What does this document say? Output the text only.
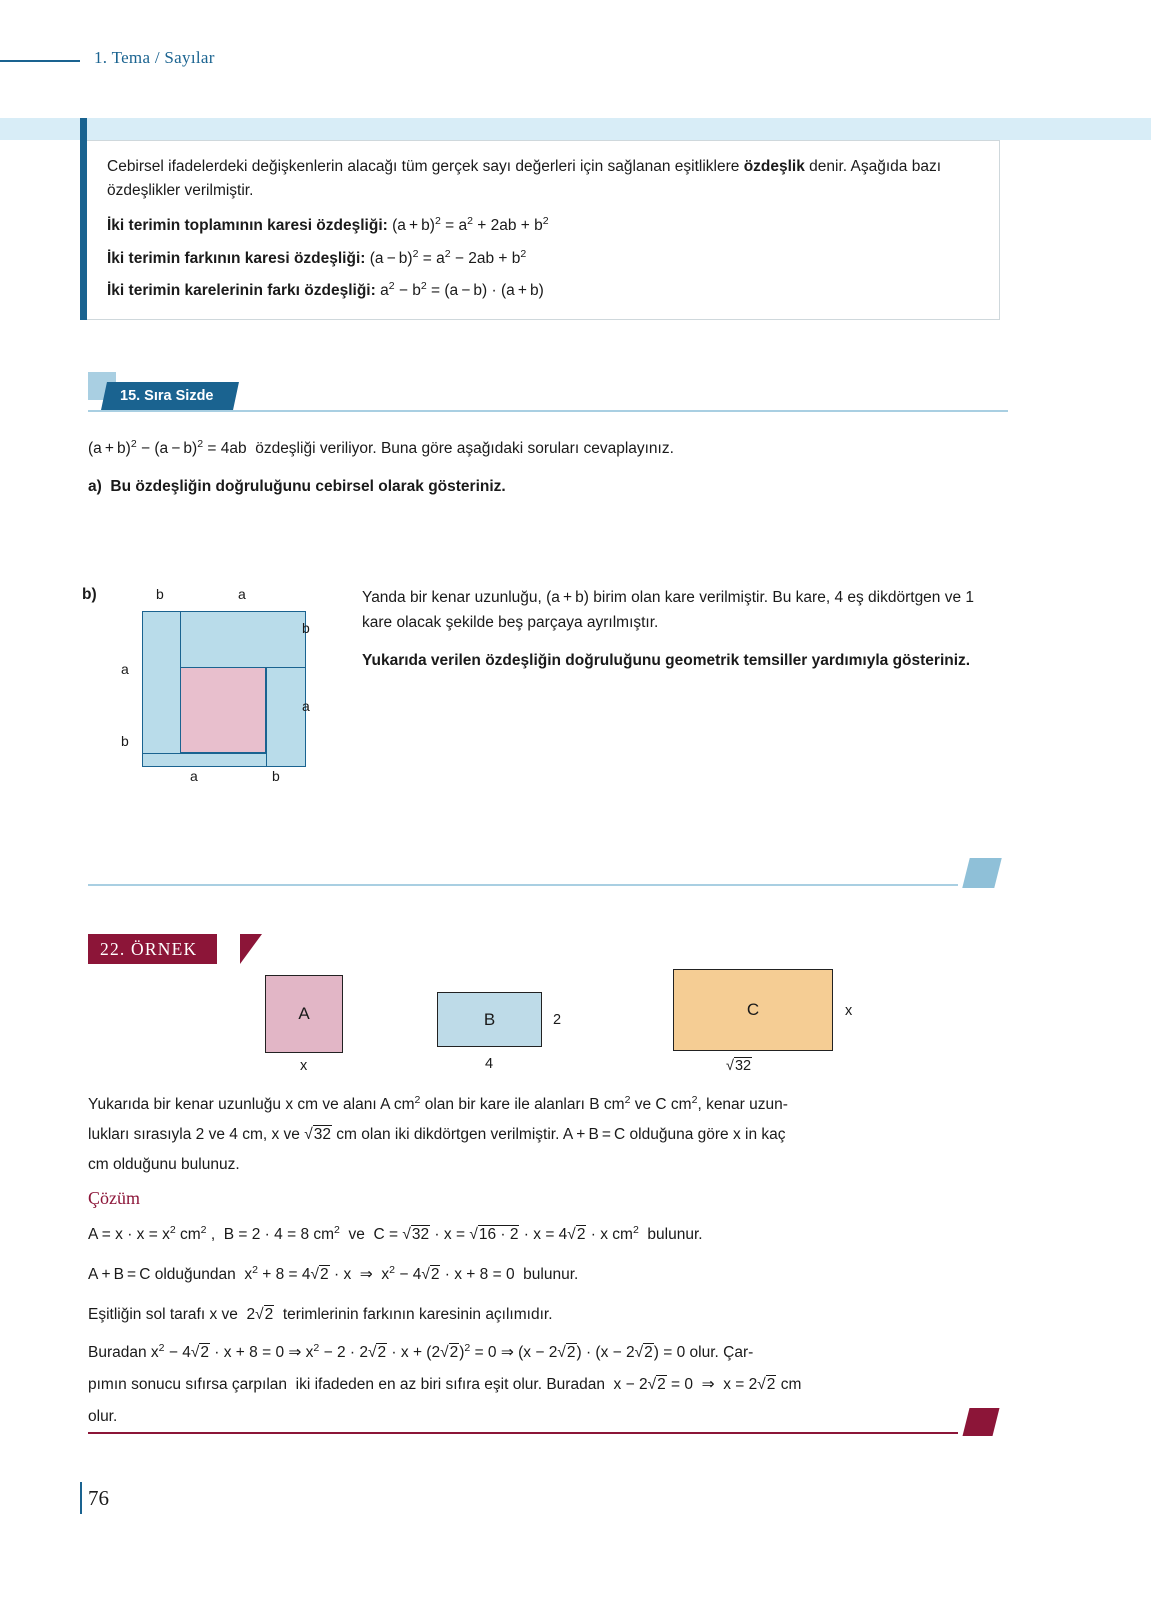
1. Tema / Sayılar

Cebirsel ifadelerdeki değişkenlerin alacağı tüm gerçek sayı değerleri için sağlanan eşitliklere özdeşlik denir. Aşağıda bazı özdeşlikler verilmiştir.

İki terimin toplamının karesi özdeşliği: $(a + b)^2 = a^2 + 2ab + b^2$
İki terimin farkının karesi özdeşliği: $(a - b)^2 = a^2 - 2ab + b^2$
İki terimin karelerinin farkı özdeşliği: $a^2 - b^2 = (a - b) \cdot (a + b)$
15. Sıra Sizde
$(a + b)^2 - (a - b)^2 = 4ab$  özdeşliği veriliyor. Buna göre aşağıdaki soruları cevaplayınız.
a) Bu özdeşliğin doğruluğunu cebirsel olarak gösteriniz.
b)	b	a
a
b
b
a
a	b
Yanda bir kenar uzunluğu, (a + b) birim olan kare verilmiştir. Bu kare, 4 eş dikdörtgen ve 1 kare olacak şekilde beş parçaya ayrılmıştır.
Yukarıda verilen özdeşliğin doğruluğunu geometrik temsiller yardımıyla gösteriniz.
22. ÖRNEK
A
x
B	2
4
C	x
√32
Yukarıda bir kenar uzunluğu x cm ve alanı A $cm^2$ olan bir kare ile alanları B $cm^2$ ve C $cm^2$, kenar uzun-
lukları sırasıyla 2 ve 4 cm, x ve √32 cm olan iki dikdörtgen verilmiştir. A + B = C olduğuna göre x in kaç
cm olduğunu bulunuz.
Çözüm
$A = x \cdot x = x^2$ $cm^2$ ,  B = 2 · 4 = 8 $cm^2$  ve  C = √32 · x = √16 · 2 · x = 4√2 · x $cm^2$  bulunur.
A + B = C olduğundan  $x^2 + 8 = 4√2 \cdot x$  ⇒  $x^2 - 4√2 \cdot x + 8 = 0$  bulunur.
Eşitliğin sol tarafı x ve  2√2  terimlerinin farkının karesinin açılımıdır.
Buradan $x^2 - 4√2 \cdot x + 8 = 0$ ⇒ $x^2 - 2 \cdot 2√2 \cdot x + (2√2)^2 = 0$ ⇒ (x − 2√2) · (x − 2√2) = 0 olur. Çar-
pımın sonucu sıfırsa çarpılan  iki ifadeden en az biri sıfıra eşit olur. Buradan  x − 2√2 = 0  ⇒  x = 2√2 cm
olur.
76
